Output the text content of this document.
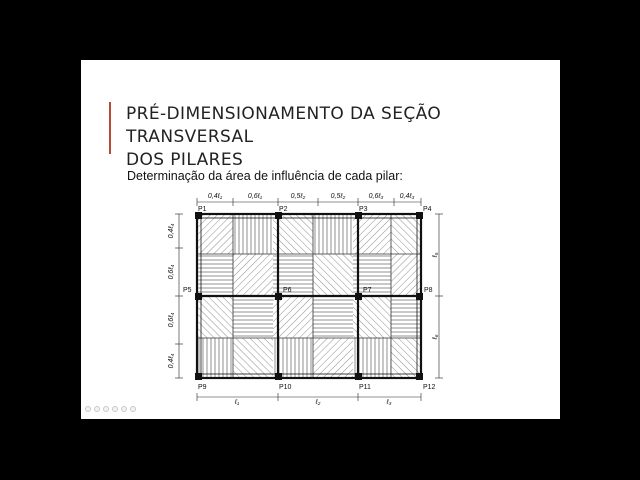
PRÉ-DIMENSIONAMENTO DA SEÇÃO TRANSVERSAL
DOS PILARES
Determinação da área de influência de cada pilar:
P1	P2	P3	P4
P5	P6	P7	P8
P9	P10	P11	P12
0,4ℓ₁	0,6ℓ₁	0,5ℓ₂	0,5ℓ₂	0,6ℓ₃ 0,4ℓ₃
0,4ℓ₄
0,6ℓ₄
0,6ℓ₄
0,4ℓ₄
ℓ₅
ℓ₆
ℓ₁	ℓ₂	ℓ₃
